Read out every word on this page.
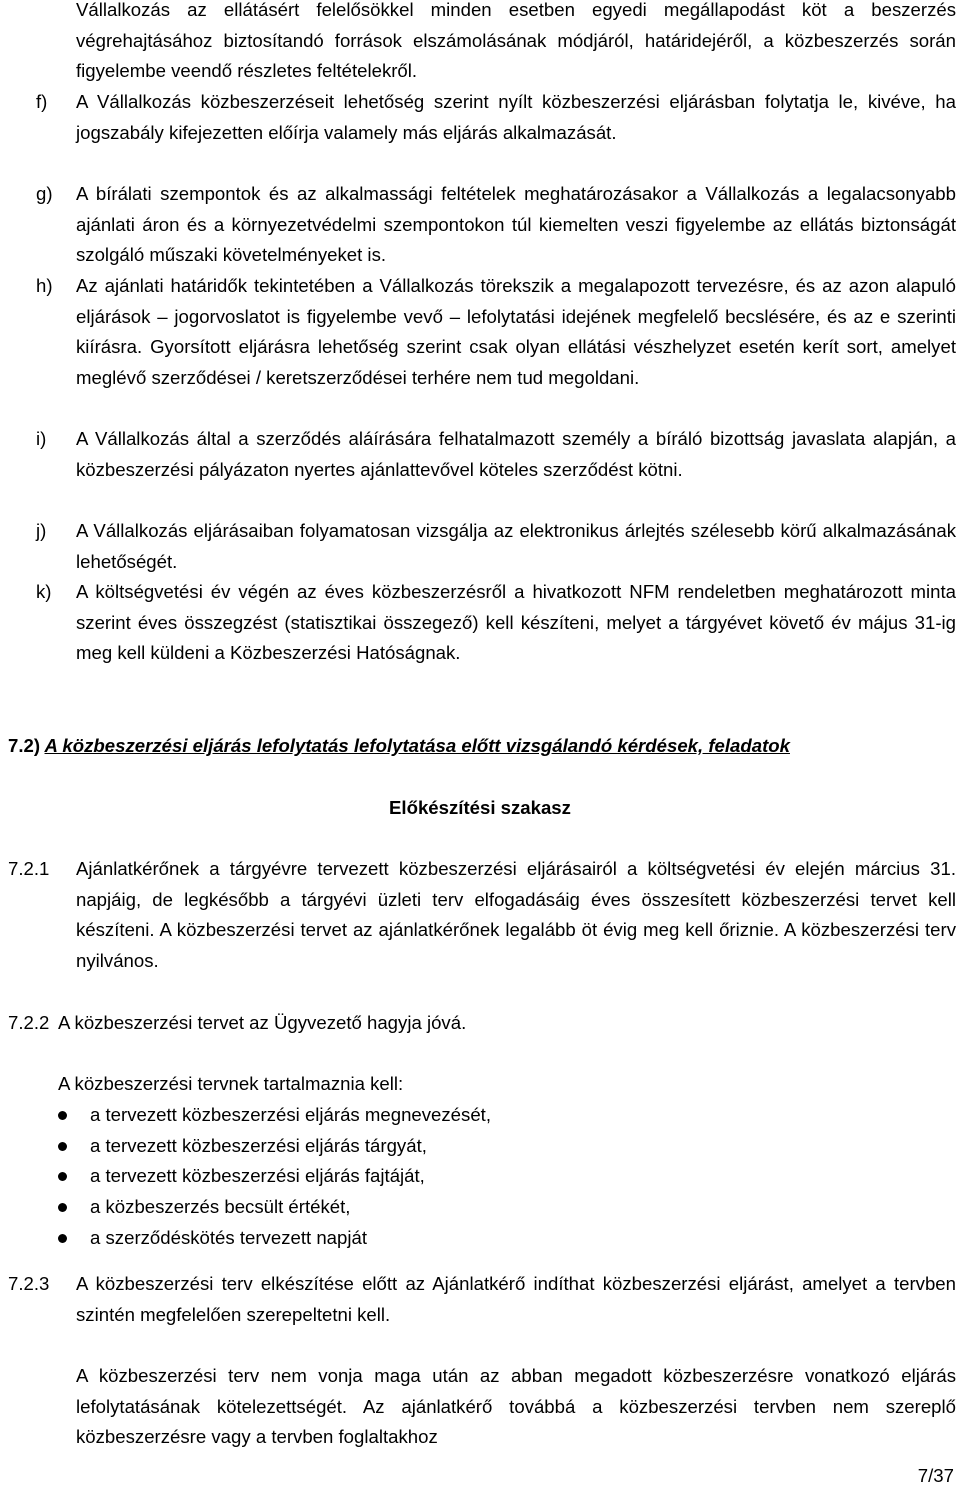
Vállalkozás az ellátásért felelősökkel minden esetben egyedi megállapodást köt a beszerzés végrehajtásához biztosítandó források elszámolásának módjáról, határidejéről, a közbeszerzés során figyelembe veendő részletes feltételekről.
f) A Vállalkozás közbeszerzéseit lehetőség szerint nyílt közbeszerzési eljárásban folytatja le, kivéve, ha jogszabály kifejezetten előírja valamely más eljárás alkalmazását.
g) A bírálati szempontok és az alkalmassági feltételek meghatározásakor a Vállalkozás a legalacsonyabb ajánlati áron és a környezetvédelmi szempontokon túl kiemelten veszi figyelembe az ellátás biztonságát szolgáló műszaki követelményeket is.
h) Az ajánlati határidők tekintetében a Vállalkozás törekszik a megalapozott tervezésre, és az azon alapuló eljárások – jogorvoslatot is figyelembe vevő – lefolytatási idejének megfelelő becslésére, és az e szerinti kiírásra. Gyorsított eljárásra lehetőség szerint csak olyan ellátási vészhelyzet esetén kerít sort, amelyet meglévő szerződései / keretszerződései terhére nem tud megoldani.
i) A Vállalkozás által a szerződés aláírására felhatalmazott személy a bíráló bizottság javaslata alapján, a közbeszerzési pályázaton nyertes ajánlattevővel köteles szerződést kötni.
j) A Vállalkozás eljárásaiban folyamatosan vizsgálja az elektronikus árlejtés szélesebb körű alkalmazásának lehetőségét.
k) A költségvetési év végén az éves közbeszerzésről a hivatkozott NFM rendeletben meghatározott minta szerint éves összegzést (statisztikai összegező) kell készíteni, melyet a tárgyévet követő év május 31-ig meg kell küldeni a Közbeszerzési Hatóságnak.
7.2) A közbeszerzési eljárás lefolytatás lefolytatása előtt vizsgálandó kérdések, feladatok
Előkészítési szakasz
7.2.1 Ajánlatkérőnek a tárgyévre tervezett közbeszerzési eljárásairól a költségvetési év elején március 31. napjáig, de legkésőbb a tárgyévi üzleti terv elfogadásáig éves összesített közbeszerzési tervet kell készíteni. A közbeszerzési tervet az ajánlatkérőnek legalább öt évig meg kell őriznie. A közbeszerzési terv nyilvános.
7.2.2 A közbeszerzési tervet az Ügyvezető hagyja jóvá.
A közbeszerzési tervnek tartalmaznia kell:
a tervezett közbeszerzési eljárás megnevezését,
a tervezett közbeszerzési eljárás tárgyát,
a tervezett közbeszerzési eljárás fajtáját,
a közbeszerzés becsült értékét,
a szerződéskötés tervezett napját
7.2.3 A közbeszerzési terv elkészítése előtt az Ajánlatkérő indíthat közbeszerzési eljárást, amelyet a tervben szintén megfelelően szerepeltetni kell.
A közbeszerzési terv nem vonja maga után az abban megadott közbeszerzésre vonatkozó eljárás lefolytatásának kötelezettségét. Az ajánlatkérő továbbá a közbeszerzési tervben nem szereplő közbeszerzésre vagy a tervben foglaltakhoz
7/37
